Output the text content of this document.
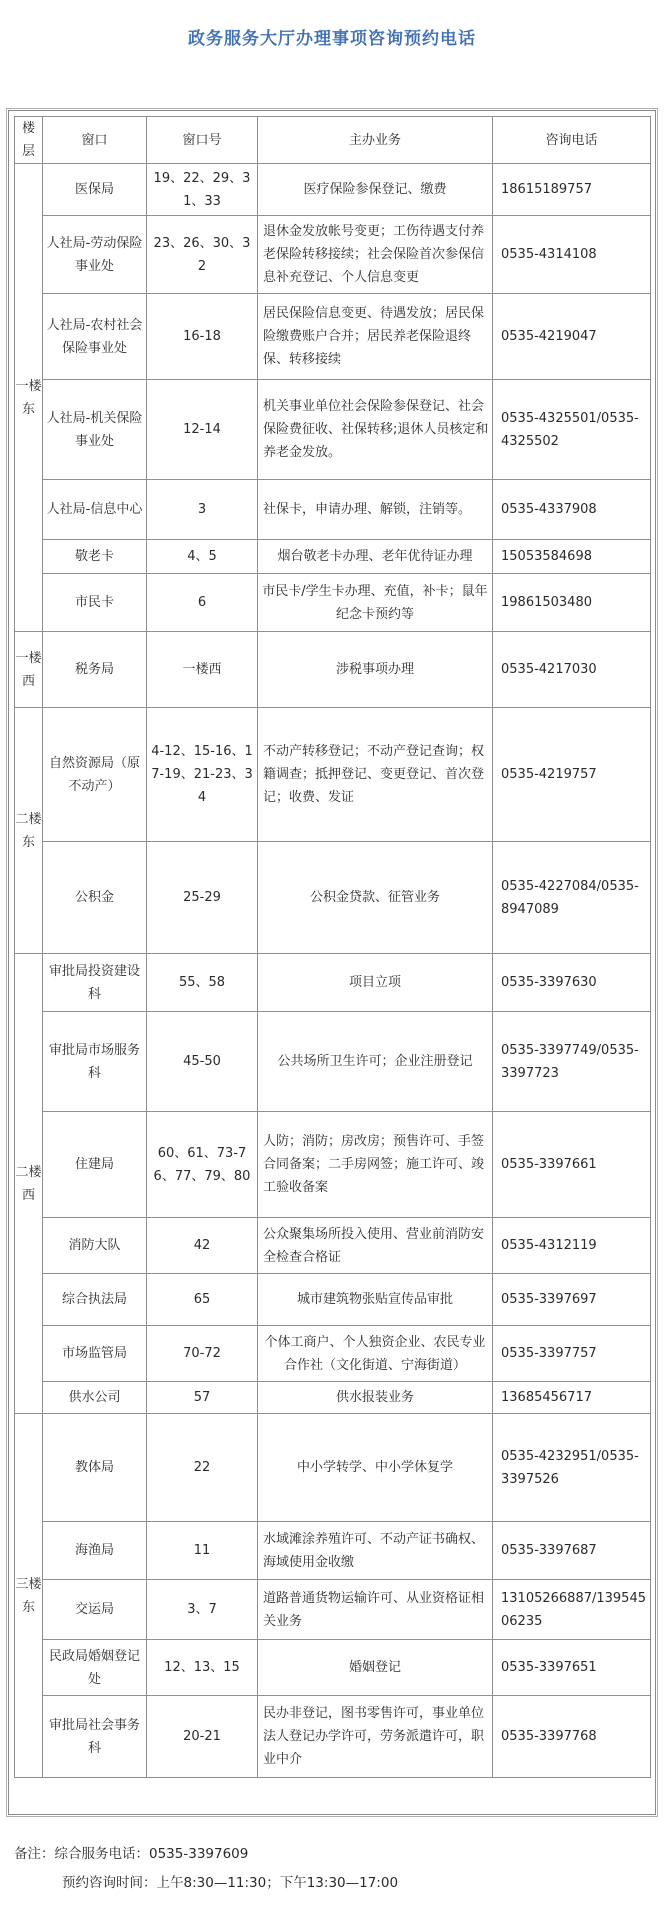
政务服务大厅办理事项咨询预约电话
楼层	窗口	窗口号	主办业务	咨询电话
一楼东	医保局	19、22、29、31、33	医疗保险参保登记、缴费	18615189757
	人社局-劳动保险事业处	23、26、30、32	退休金发放帐号变更；工伤待遇支付养老保险转移接续；社会保险首次参保信息补充登记、个人信息变更	0535-4314108
	人社局-农村社会保险事业处	16-18	居民保险信息变更、待遇发放；居民保险缴费账户合并；居民养老保险退终保、转移接续	0535-4219047
	人社局-机关保险事业处	12-14	机关事业单位社会保险参保登记、社会保险费征收、社保转移;退休人员核定和养老金发放。	0535-4325501/0535-4325502
	人社局-信息中心	3	社保卡，申请办理、解锁，注销等。	0535-4337908
	敬老卡	4、5	烟台敬老卡办理、老年优待证办理	15053584698
	市民卡	6	市民卡/学生卡办理、充值，补卡；鼠年纪念卡预约等	19861503480
一楼西	税务局	一楼西	涉税事项办理	0535-4217030
二楼东	自然资源局（原不动产）	4-12、15-16、17-19、21-23、34	不动产转移登记；不动产登记查询；权籍调查；抵押登记、变更登记、首次登记；收费、发证	0535-4219757
	公积金	25-29	公积金贷款、征管业务	0535-4227084/0535-8947089
二楼西	审批局投资建设科	55、58	项目立项	0535-3397630
	审批局市场服务科	45-50	公共场所卫生许可；企业注册登记	0535-3397749/0535-3397723
	住建局	60、61、73-76、77、79、80	人防；消防；房改房；预售许可、手签合同备案；二手房网签；施工许可、竣工验收备案	0535-3397661
	消防大队	42	公众聚集场所投入使用、营业前消防安全检查合格证	0535-4312119
	综合执法局	65	城市建筑物张贴宣传品审批	0535-3397697
	市场监管局	70-72	个体工商户、个人独资企业、农民专业合作社（文化街道、宁海街道）	0535-3397757
	供水公司	57	供水报装业务	13685456717
三楼东	教体局	22	中小学转学、中小学休复学	0535-4232951/0535-3397526
	海渔局	11	水域滩涂养殖许可、不动产证书确权、海域使用金收缴	0535-3397687
	交运局	3、7	道路普通货物运输许可、从业资格证相关业务	13105266887/13954506235
	民政局婚姻登记处	12、13、15	婚姻登记	0535-3397651
	审批局社会事务科	20-21	民办非登记，图书零售许可，事业单位法人登记办学许可，劳务派遣许可，职业中介	0535-3397768
备注：综合服务电话：0535-3397609
预约咨询时间：上午8:30—11:30；下午13:30—17:00
